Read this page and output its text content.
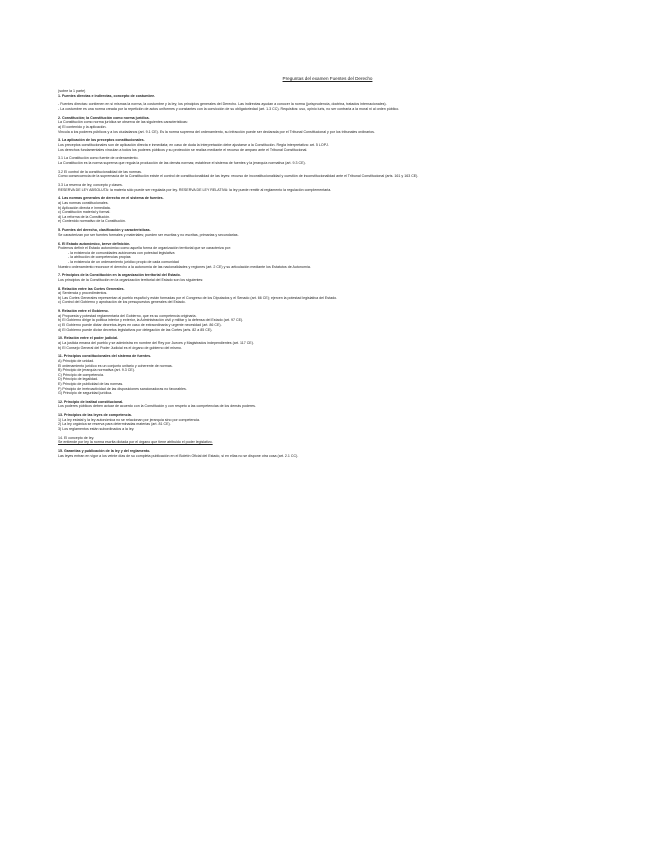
Preguntas del examen Fuentes del Derecho
(sobre la 1 parte)
1. Fuentes directas e indirectas, concepto de costumbre.
- Fuentes directas: contienen en sí mismas la norma, la costumbre y la ley; los principios generales del Derecho. Las indirectas ayudan a conocer la norma (jurisprudencia, doctrina, tratados internacionales).
- La costumbre es una norma creada por la repetición de actos uniformes y constantes con la convicción de su obligatoriedad (art. 1.3 CC). Requisitos: uso, opinio iuris, no ser contraria a la moral ni al orden público.
2. Constitución; la Constitución como norma jurídica.
La Constitución como norma jurídica se observa de las siguientes características:
a) El contenido y la aplicación.
Vincula a los poderes públicos y a los ciudadanos (art. 9.1 CE). Es la norma suprema del ordenamiento, su infracción puede ser declarada por el Tribunal Constitucional y por los tribunales ordinarios.
3. La aplicación de los preceptos constitucionales.
Los preceptos constitucionales son de aplicación directa e inmediata; en caso de duda la interpretación debe ajustarse a la Constitución. Regla interpretativa: art. 5 LOPJ.
Los derechos fundamentales vinculan a todos los poderes públicos y su protección se realiza mediante el recurso de amparo ante el Tribunal Constitucional.
3.1 La Constitución como fuente de ordenamiento.
La Constitución es la norma suprema que regula la producción de las demás normas; establece el sistema de fuentes y la jerarquía normativa (art. 9.3 CE).
3.2 El control de la constitucionalidad de las normas.
Como consecuencia de la supremacía de la Constitución existe el control de constitucionalidad de las leyes: recurso de inconstitucionalidad y cuestión de inconstitucionalidad ante el Tribunal Constitucional (arts. 161 y 163 CE).
3.3 La reserva de ley, concepto y clases.
RESERVA DE LEY ABSOLUTA: la materia sólo puede ser regulada por ley. RESERVA DE LEY RELATIVA: la ley puede remitir al reglamento la regulación complementaria.
4. Las normas generales de derecho en el sistema de fuentes.
a) Las normas constitucionales.
b) Aplicación directa e inmediata.
c) Constitución material y formal.
d) La reforma de la Constitución.
e) Contenido normativo de la Constitución.
5. Fuentes del derecho, clasificación y características.
Se caracterizan por ser fuentes formales y materiales; pueden ser escritas y no escritas, primarias y secundarias.
6. El Estado autonómico, breve definición.
Podemos definir el Estado autonómico como aquella forma de organización territorial que se caracteriza por:
- la existencia de comunidades autónomas con potestad legislativa
- la atribución de competencias propias
- la existencia de un ordenamiento jurídico propio de cada comunidad
Nuestro ordenamiento reconoce el derecho a la autonomía de las nacionalidades y regiones (art. 2 CE) y su articulación mediante los Estatutos de Autonomía.
7. Principios de la Constitución en la organización territorial del Estado.
Los principios de la Constitución en la organización territorial del Estado son los siguientes:
8. Relación entre las Cortes Generales.
a) Sentencia y procedimientos.
b) Las Cortes Generales representan al pueblo español y están formadas por el Congreso de los Diputados y el Senado (art. 66 CE); ejercen la potestad legislativa del Estado.
c) Control del Gobierno y aprobación de los presupuestos generales del Estado.
9. Relación entre el Gobierno.
a) Propuesta y potestad reglamentaria del Gobierno, que es su competencia originaria.
b) El Gobierno dirige la política interior y exterior, la Administración civil y militar y la defensa del Estado (art. 97 CE).
c) El Gobierno puede dictar decretos-leyes en caso de extraordinaria y urgente necesidad (art. 86 CE).
d) El Gobierno puede dictar decretos legislativos por delegación de las Cortes (arts. 82 a 85 CE).
10. Relación entre el poder judicial.
a) La justicia emana del pueblo y se administra en nombre del Rey por Jueces y Magistrados independientes (art. 117 CE).
b) El Consejo General del Poder Judicial es el órgano de gobierno del mismo.
11. Principios constitucionales del sistema de fuentes.
A) Principio de unidad.
El ordenamiento jurídico es un conjunto unitario y coherente de normas.
B) Principio de jerarquía normativa (art. 9.3 CE).
C) Principio de competencia.
D) Principio de legalidad.
E) Principio de publicidad de las normas.
F) Principio de irretroactividad de las disposiciones sancionadoras no favorables.
G) Principio de seguridad jurídica.
12. Principio de lealtad constitucional.
Los poderes públicos deben actuar de acuerdo con la Constitución y con respeto a las competencias de los demás poderes.
13. Principios de las leyes de competencia.
1) La ley estatal y la ley autonómica no se relacionan por jerarquía sino por competencia.
2) La ley orgánica se reserva para determinadas materias (art. 81 CE).
3) Los reglamentos están subordinados a la ley.
14. El concepto de ley.
Se entiende por ley la norma escrita dictada por el órgano que tiene atribuido el poder legislativo.
15. Garantías y publicación de la ley y del reglamento.
Las leyes entran en vigor a los veinte días de su completa publicación en el Boletín Oficial del Estado, si en ellas no se dispone otra cosa (art. 2.1 CC).
